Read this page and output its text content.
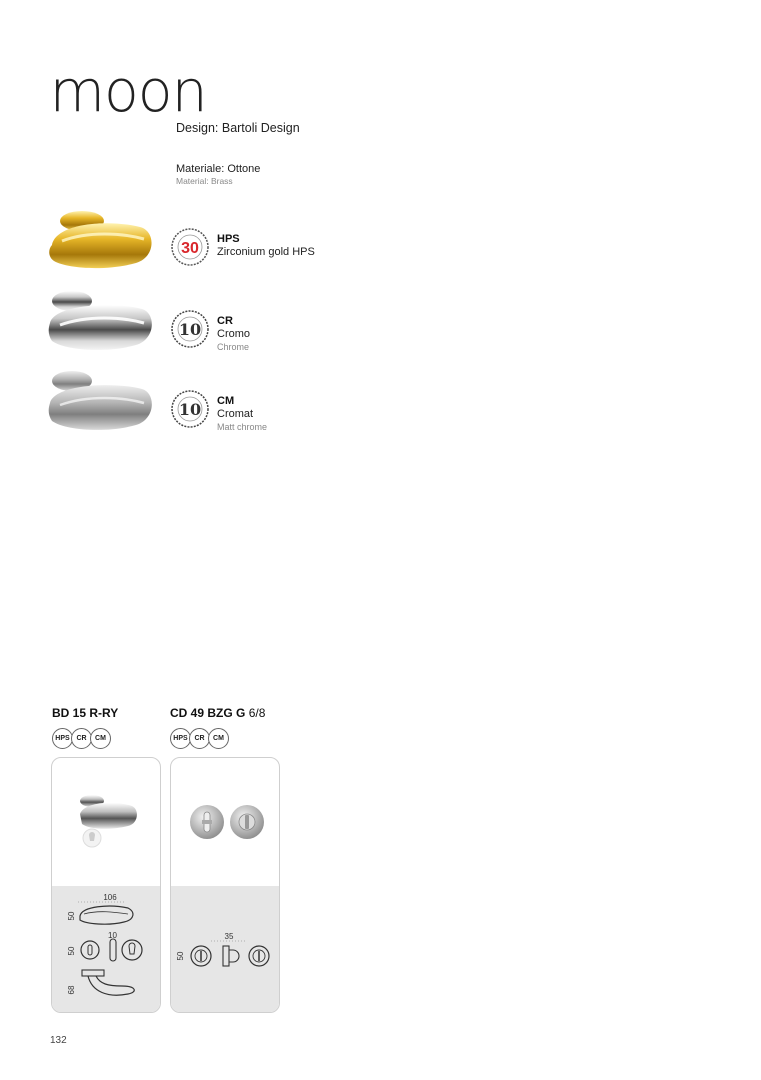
moon
Design: Bartoli Design
Materiale: Ottone
Material: Brass
30
HPS
Zirconium gold HPS
10 CR
Cromo
Chrome
10 CM
Cromat
Matt chrome
BD 15 R-RY
HPS CR	CM
106
50
10
50
68
CD 49 BZG G 6/8
HPS CR	CM
35
50
132
